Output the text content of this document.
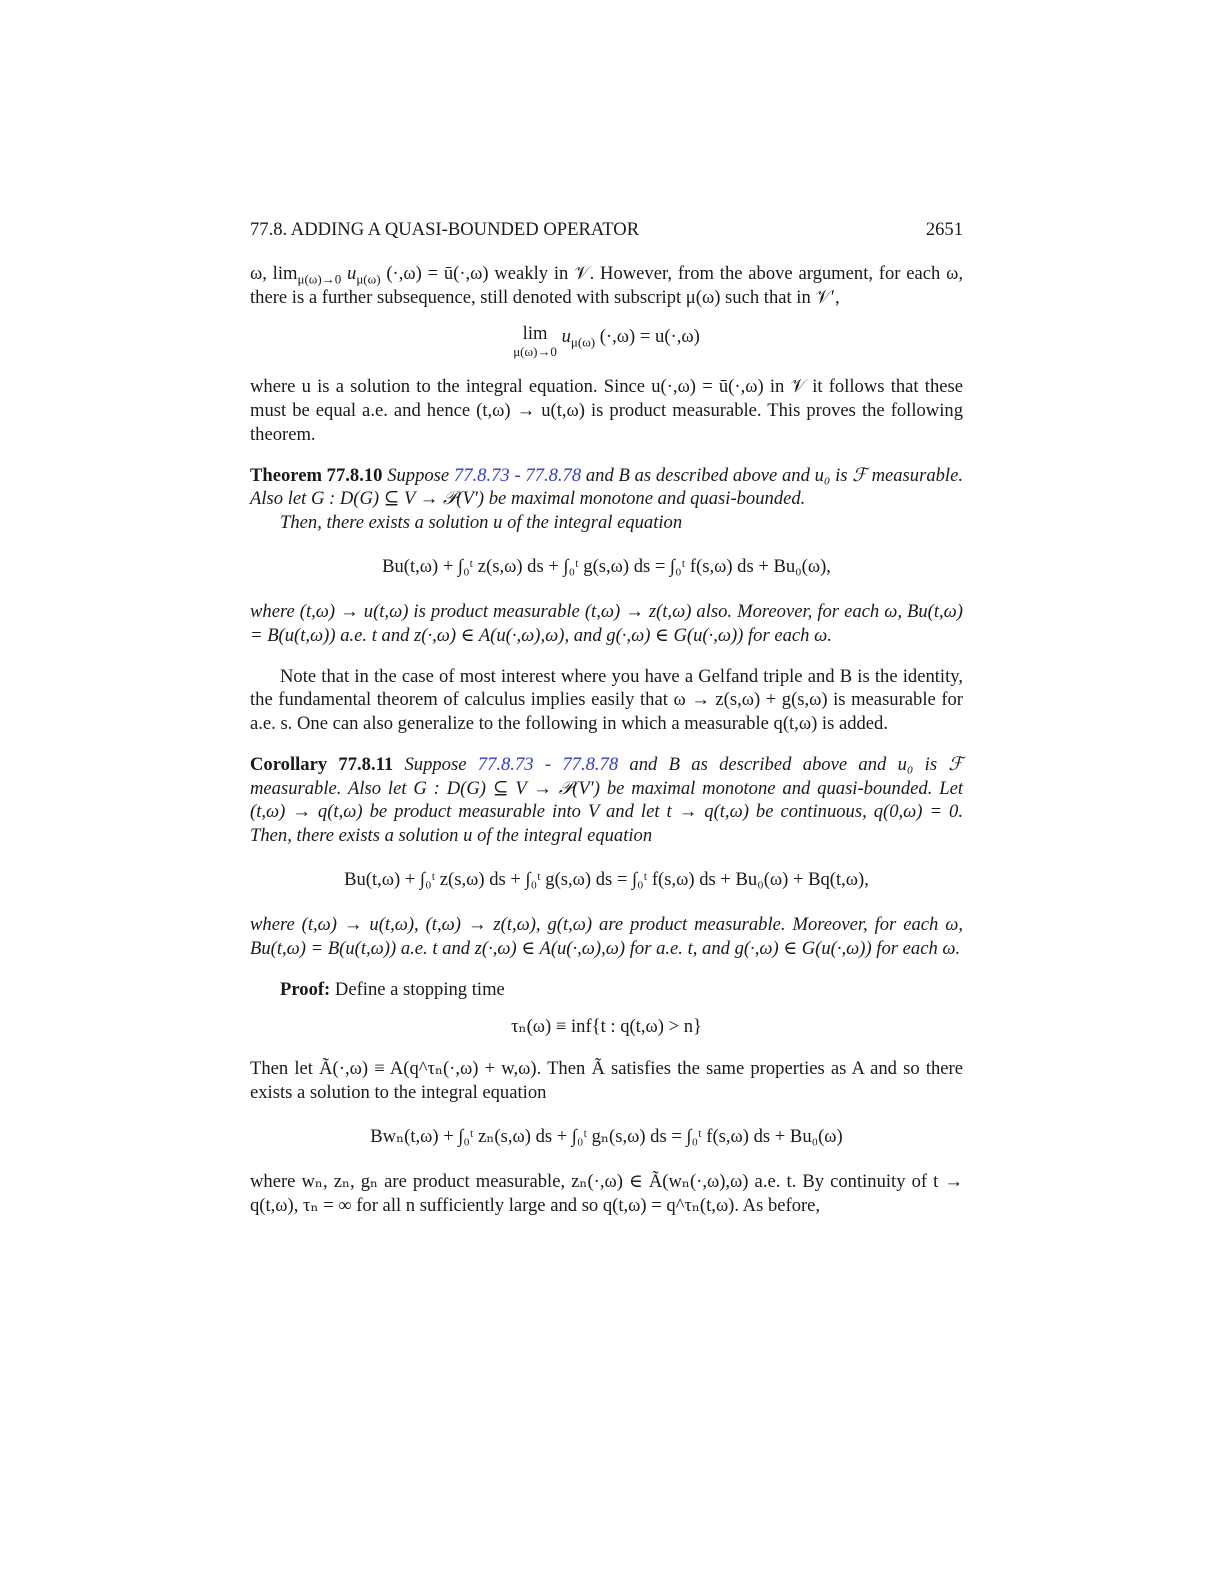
77.8. ADDING A QUASI-BOUNDED OPERATOR	2651

ω, $\lim_{\mu(\omega)\to 0} u_{\mu(\omega)}$ (·,ω) = ū(·,ω) weakly in 𝒱. However, from the above argument, for each ω, there is a further subsequence, still denoted with subscript μ(ω) such that in 𝒱′,

lim
μ(ω)→0
$u_{\mu(\omega)}$ (·,ω) = u(·,ω)

where u is a solution to the integral equation. Since u(·,ω) = ū(·,ω) in 𝒱 it follows that these must be equal a.e. and hence (t,ω) → u(t,ω) is product measurable. This proves the following theorem.

Theorem 77.8.10 Suppose 77.8.73 - 77.8.78 and B as described above and u₀ is ℱ measurable. Also let G : D(G) ⊆ V → 𝒫(V′) be maximal monotone and quasi-bounded.
Then, there exists a solution u of the integral equation
Bu(t,ω) + ∫₀ᵗ z(s,ω) ds + ∫₀ᵗ g(s,ω) ds = ∫₀ᵗ f(s,ω) ds + Bu₀(ω),

where (t,ω) → u(t,ω) is product measurable (t,ω) → z(t,ω) also. Moreover, for each ω, Bu(t,ω) = B(u(t,ω)) a.e. t and z(·,ω) ∈ A(u(·,ω),ω), and g(·,ω) ∈ G(u(·,ω)) for each ω.

Note that in the case of most interest where you have a Gelfand triple and B is the identity, the fundamental theorem of calculus implies easily that ω → z(s,ω) + g(s,ω) is measurable for a.e. s. One can also generalize to the following in which a measurable q(t,ω) is added.

Corollary 77.8.11 Suppose 77.8.73 - 77.8.78 and B as described above and u₀ is ℱ measurable. Also let G : D(G) ⊆ V → 𝒫(V′) be maximal monotone and quasi-bounded. Let (t,ω) → q(t,ω) be product measurable into V and let t → q(t,ω) be continuous, q(0,ω) = 0. Then, there exists a solution u of the integral equation
Bu(t,ω) + ∫₀ᵗ z(s,ω) ds + ∫₀ᵗ g(s,ω) ds = ∫₀ᵗ f(s,ω) ds + Bu₀(ω) + Bq(t,ω),

where (t,ω) → u(t,ω), (t,ω) → z(t,ω), g(t,ω) are product measurable. Moreover, for each ω, Bu(t,ω) = B(u(t,ω)) a.e. t and z(·,ω) ∈ A(u(·,ω),ω) for a.e. t, and g(·,ω) ∈ G(u(·,ω)) for each ω.

Proof: Define a stopping time

τₙ(ω) ≡ inf{t : q(t,ω) > n}

Then let Ã(·,ω) ≡ A(q^τₙ(·,ω) + w,ω). Then Ã satisfies the same properties as A and so there exists a solution to the integral equation

Bwₙ(t,ω) + ∫₀ᵗ zₙ(s,ω) ds + ∫₀ᵗ gₙ(s,ω) ds = ∫₀ᵗ f(s,ω) ds + Bu₀(ω)

where wₙ, zₙ, gₙ are product measurable, zₙ(·,ω) ∈ Ã(wₙ(·,ω),ω) a.e. t. By continuity of t → q(t,ω), τₙ = ∞ for all n sufficiently large and so q(t,ω) = q^τₙ(t,ω). As before,
